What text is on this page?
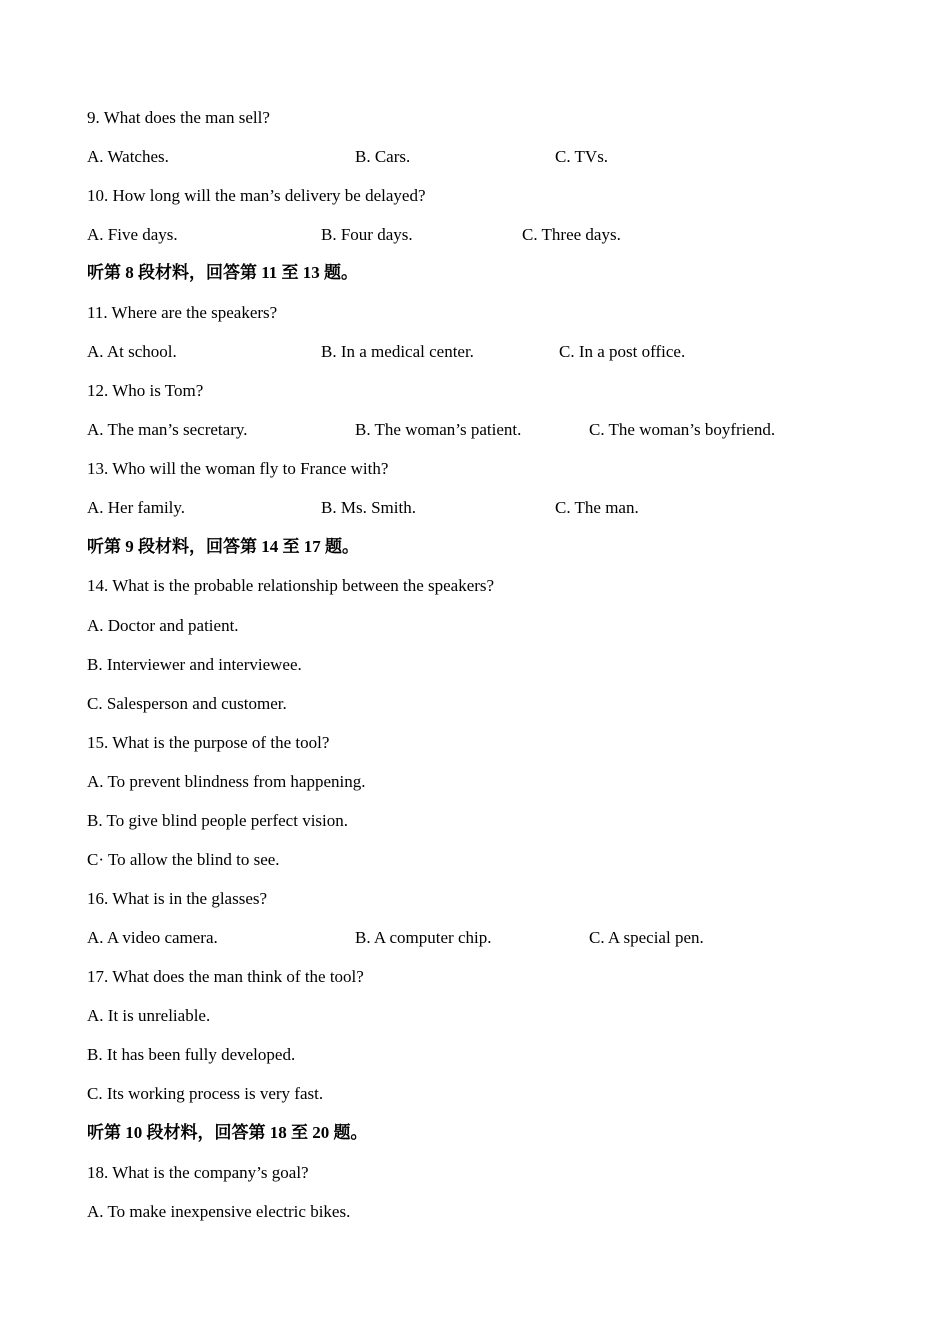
9. What does the man sell?
A. Watches.	B. Cars.	C. TVs.
10. How long will the man’s delivery be delayed?
A. Five days.	B. Four days.	C. Three days.
听第 8 段材料，回答第 11 至 13 题。
11. Where are the speakers?
A. At school.	B. In a medical center.	C. In a post office.
12. Who is Tom?
A. The man’s secretary.	B. The woman’s patient.	C. The woman’s boyfriend.
13. Who will the woman fly to France with?
A. Her family.	B. Ms. Smith.	C. The man.
听第 9 段材料，回答第 14 至 17 题。
14. What is the probable relationship between the speakers?
A. Doctor and patient.
B. Interviewer and interviewee.
C. Salesperson and customer.
15. What is the purpose of the tool?
A. To prevent blindness from happening.
B. To give blind people perfect vision.
C· To allow the blind to see.
16. What is in the glasses?
A. A video camera.	B. A computer chip.	C. A special pen.
17. What does the man think of the tool?
A. It is unreliable.
B. It has been fully developed.
C. Its working process is very fast.
听第 10 段材料，回答第 18 至 20 题。
18. What is the company’s goal?
A. To make inexpensive electric bikes.
